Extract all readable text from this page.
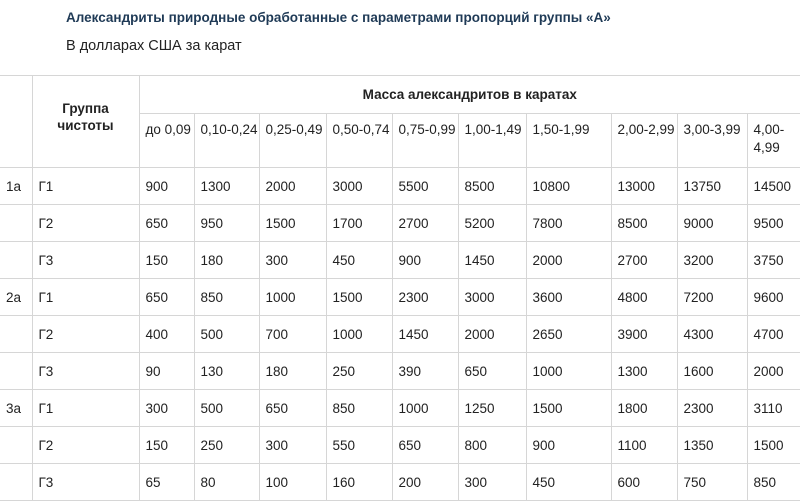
Александриты природные обработанные с параметрами пропорций группы «А»
В долларах США за карат
	Группа чистоты	Масса александритов в каратах									
		до 0,09	0,10-0,24	0,25-0,49	0,50-0,74	0,75-0,99	1,00-1,49	1,50-1,99	2,00-2,99	3,00-3,99	4,00-4,99
1а	Г1	900	1300	2000	3000	5500	8500	10800	13000	13750	14500
	Г2	650	950	1500	1700	2700	5200	7800	8500	9000	9500
	Г3	150	180	300	450	900	1450	2000	2700	3200	3750
2а	Г1	650	850	1000	1500	2300	3000	3600	4800	7200	9600
	Г2	400	500	700	1000	1450	2000	2650	3900	4300	4700
	Г3	90	130	180	250	390	650	1000	1300	1600	2000
3а	Г1	300	500	650	850	1000	1250	1500	1800	2300	3110
	Г2	150	250	300	550	650	800	900	1100	1350	1500
	Г3	65	80	100	160	200	300	450	600	750	850
